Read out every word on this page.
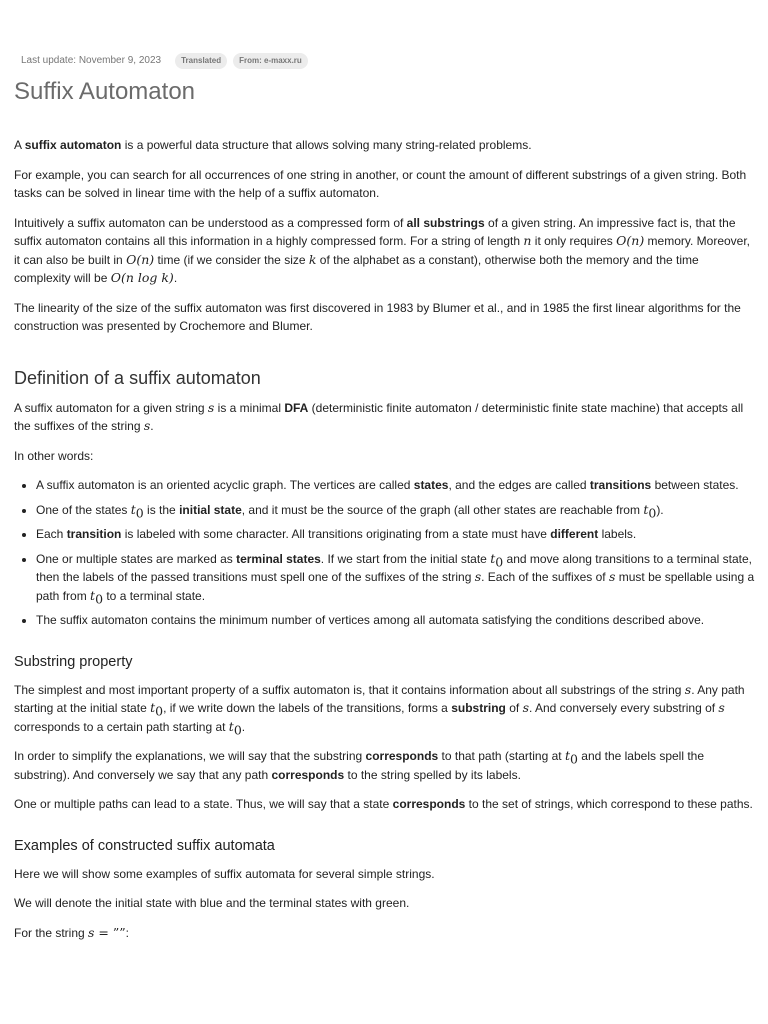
Last update: November 9, 2023	Translated	From: e-maxx.ru
Suffix Automaton

A suffix automaton is a powerful data structure that allows solving many string-related problems.

For example, you can search for all occurrences of one string in another, or count the amount of different substrings of a given string. Both tasks can be solved in linear time with the help of a suffix automaton.

Intuitively a suffix automaton can be understood as a compressed form of all substrings of a given string. An impressive fact is, that the suffix automaton contains all this information in a highly compressed form. For a string of length n it only requires O(n) memory. Moreover, it can also be built in O(n) time (if we consider the size k of the alphabet as a constant), otherwise both the memory and the time complexity will be O(n log k).

The linearity of the size of the suffix automaton was first discovered in 1983 by Blumer et al., and in 1985 the first linear algorithms for the construction was presented by Crochemore and Blumer.

Definition of a suffix automaton

A suffix automaton for a given string s is a minimal DFA (deterministic finite automaton / deterministic finite state machine) that accepts all the suffixes of the string s.

In other words:

• A suffix automaton is an oriented acyclic graph. The vertices are called states, and the edges are called transitions between states.
• One of the states $t_0$ is the initial state, and it must be the source of the graph (all other states are reachable from $t_0$).
• Each transition is labeled with some character. All transitions originating from a state must have different labels.
• One or multiple states are marked as terminal states. If we start from the initial state $t_0$ and move along transitions to a terminal state, then the labels of the passed transitions must spell one of the suffixes of the string s. Each of the suffixes of s must be spellable using a path from $t_0$ to a terminal state.
• The suffix automaton contains the minimum number of vertices among all automata satisfying the conditions described above.
Substring property

The simplest and most important property of a suffix automaton is, that it contains information about all substrings of the string s. Any path starting at the initial state $t_0$, if we write down the labels of the transitions, forms a substring of s. And conversely every substring of s corresponds to a certain path starting at $t_0$.

In order to simplify the explanations, we will say that the substring corresponds to that path (starting at $t_0$ and the labels spell the substring). And conversely we say that any path corresponds to the string spelled by its labels.

One or multiple paths can lead to a state. Thus, we will say that a state corresponds to the set of strings, which correspond to these paths.

Examples of constructed suffix automata

Here we will show some examples of suffix automata for several simple strings.

We will denote the initial state with blue and the terminal states with green.

For the string s = ””:
